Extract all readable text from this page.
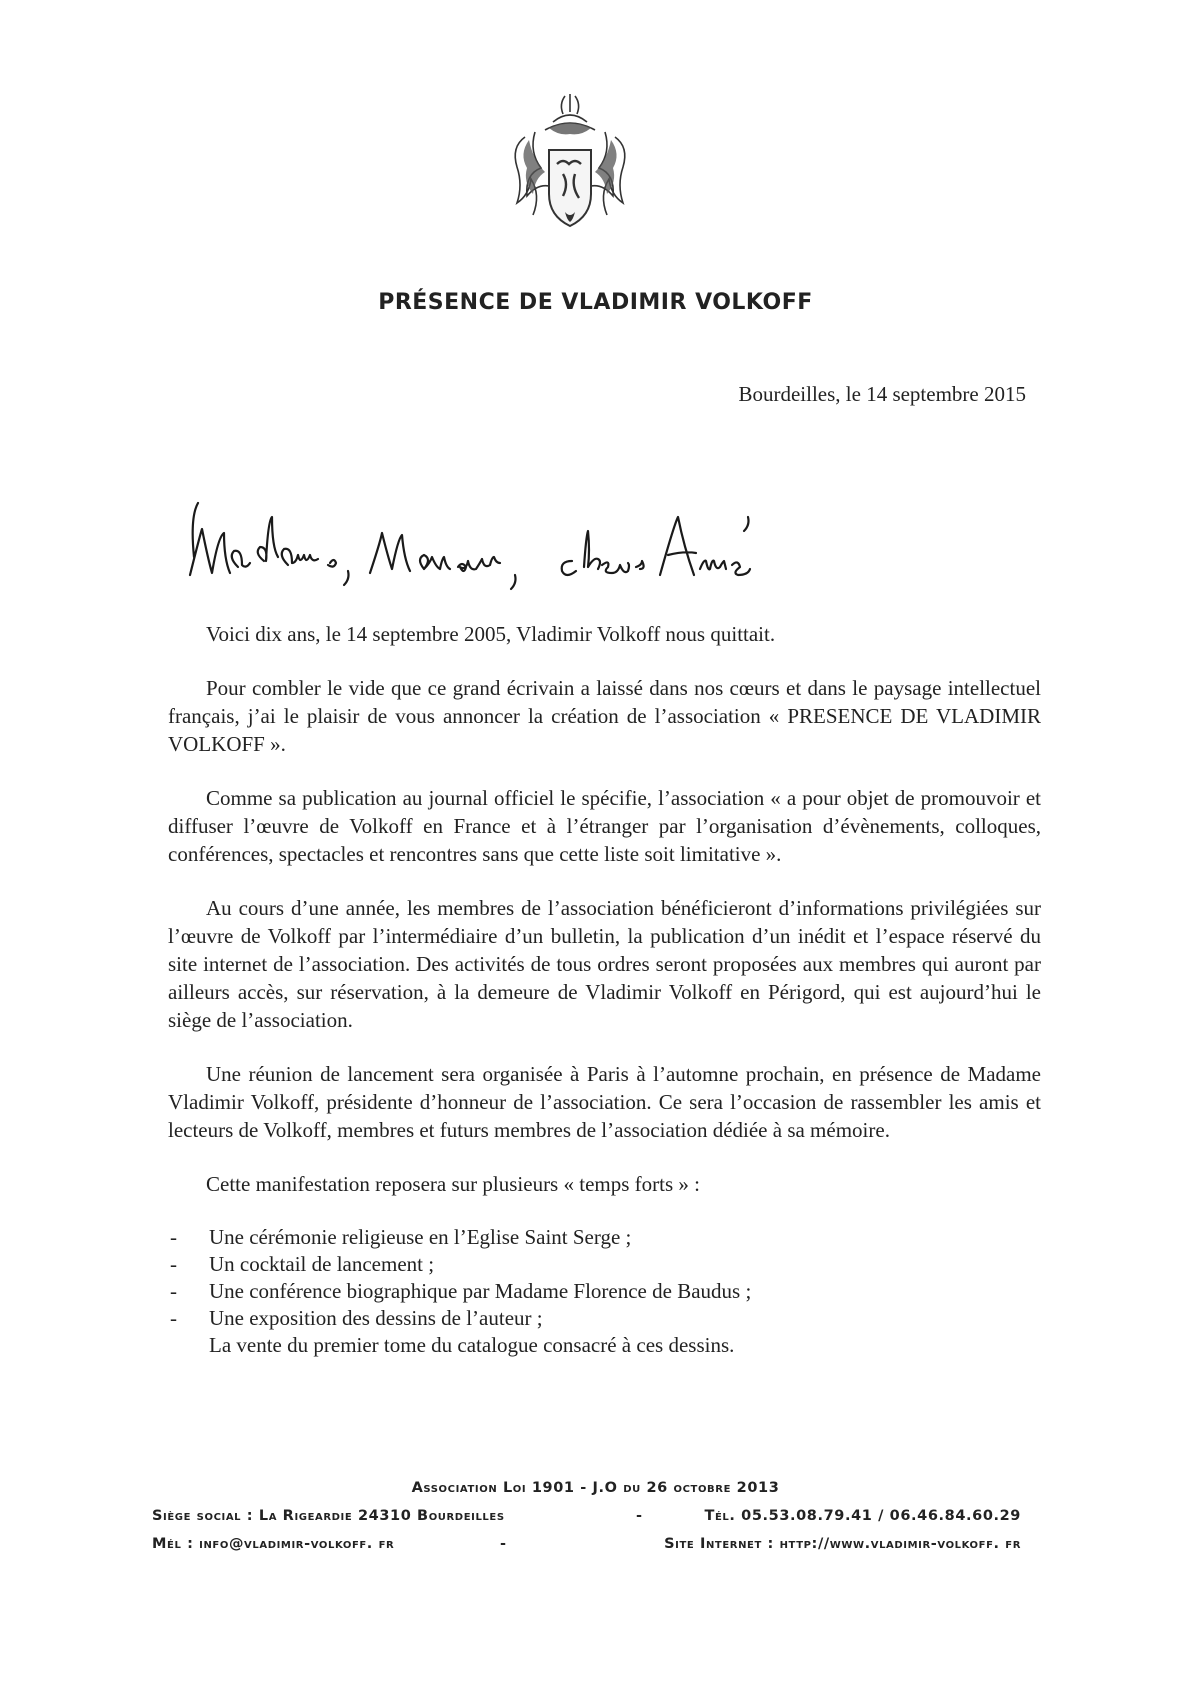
PRÉSENCE DE VLADIMIR VOLKOFF
Bourdeilles, le 14 septembre 2015

Voici dix ans, le 14 septembre 2005, Vladimir Volkoff nous quittait.

Pour combler le vide que ce grand écrivain a laissé dans nos cœurs et dans le paysage intellectuel français, j’ai le plaisir de vous annoncer la création de l’association « PRESENCE DE VLADIMIR VOLKOFF ».

Comme sa publication au journal officiel le spécifie, l’association « a pour objet de promouvoir et diffuser l’œuvre de Volkoff en France et à l’étranger par l’organisation d’évènements, colloques, conférences, spectacles et rencontres sans que cette liste soit limitative ».

Au cours d’une année, les membres de l’association bénéficieront d’informations privilégiées sur l’œuvre de Volkoff par l’intermédiaire d’un bulletin, la publication d’un inédit et l’espace réservé du site internet de l’association. Des activités de tous ordres seront proposées aux membres qui auront par ailleurs accès, sur réservation, à la demeure de Vladimir Volkoff en Périgord, qui est aujourd’hui le siège de l’association.

Une réunion de lancement sera organisée à Paris à l’automne prochain, en présence de Madame Vladimir Volkoff, présidente d’honneur de l’association. Ce sera l’occasion de rassembler les amis et lecteurs de Volkoff, membres et futurs membres de l’association dédiée à sa mémoire.

Cette manifestation reposera sur plusieurs « temps forts » :

- Une cérémonie religieuse en l’Eglise Saint Serge ;
- Un cocktail de lancement ;
- Une conférence biographique par Madame Florence de Baudus ;
- Une exposition des dessins de l’auteur ;
La vente du premier tome du catalogue consacré à ces dessins.
Association Loi 1901 - J.O du 26 octobre 2013
Siège social : La Rigeardie 24310 Bourdeilles	-	Tél. 05.53.08.79.41 / 06.46.84.60.29
Mél : info@vladimir-volkoff. fr	-	Site Internet : http://www.vladimir-volkoff. fr
